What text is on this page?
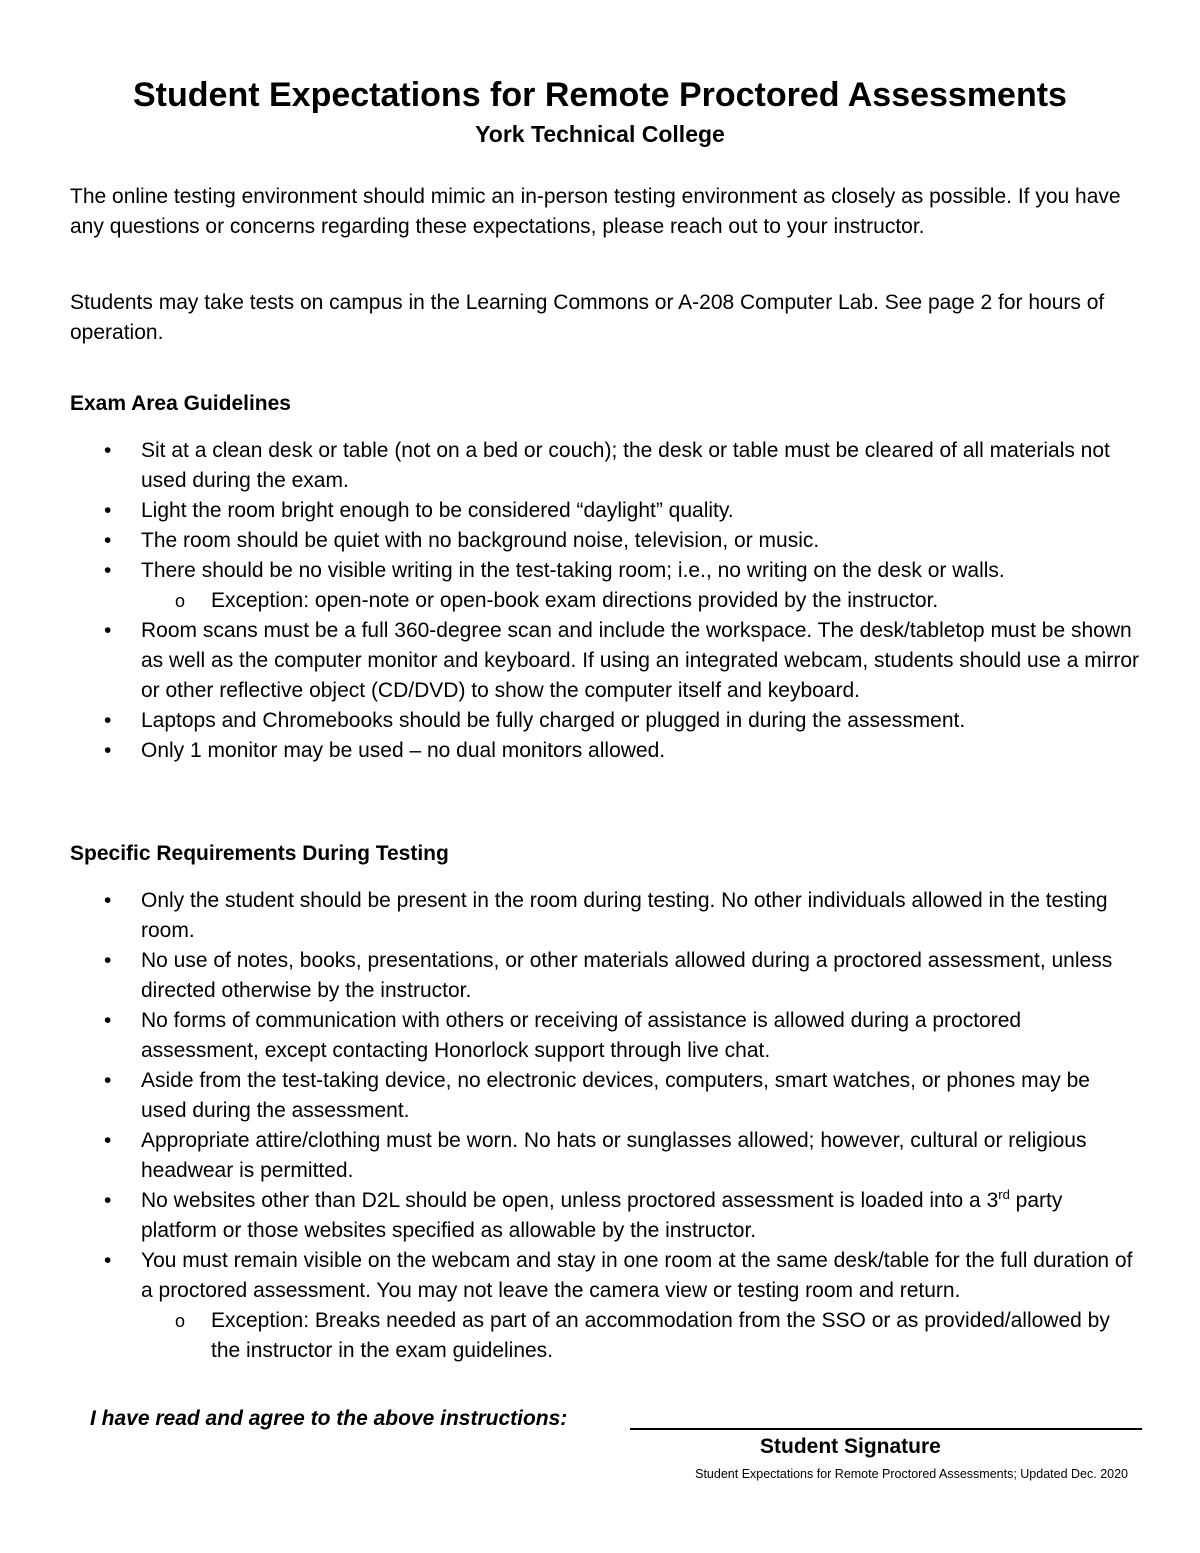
Student Expectations for Remote Proctored Assessments
York Technical College

The online testing environment should mimic an in-person testing environment as closely as possible. If you have any questions or concerns regarding these expectations, please reach out to your instructor.

Students may take tests on campus in the Learning Commons or A-208 Computer Lab. See page 2 for hours of operation.

Exam Area Guidelines
• Sit at a clean desk or table (not on a bed or couch); the desk or table must be cleared of all materials not used during the exam.
• Light the room bright enough to be considered “daylight” quality.
• The room should be quiet with no background noise, television, or music.
• There should be no visible writing in the test-taking room; i.e., no writing on the desk or walls.
o Exception: open-note or open-book exam directions provided by the instructor.
• Room scans must be a full 360-degree scan and include the workspace. The desk/tabletop must be shown as well as the computer monitor and keyboard. If using an integrated webcam, students should use a mirror or other reflective object (CD/DVD) to show the computer itself and keyboard.
• Laptops and Chromebooks should be fully charged or plugged in during the assessment.
• Only 1 monitor may be used – no dual monitors allowed.
Specific Requirements During Testing
• Only the student should be present in the room during testing. No other individuals allowed in the testing room.
• No use of notes, books, presentations, or other materials allowed during a proctored assessment, unless directed otherwise by the instructor.
• No forms of communication with others or receiving of assistance is allowed during a proctored assessment, except contacting Honorlock support through live chat.
• Aside from the test-taking device, no electronic devices, computers, smart watches, or phones may be used during the assessment.
• Appropriate attire/clothing must be worn. No hats or sunglasses allowed; however, cultural or religious headwear is permitted.
• No websites other than D2L should be open, unless proctored assessment is loaded into a 3rd party platform or those websites specified as allowable by the instructor.
• You must remain visible on the webcam and stay in one room at the same desk/table for the full duration of a proctored assessment. You may not leave the camera view or testing room and return.
o Exception: Breaks needed as part of an accommodation from the SSO or as provided/allowed by the instructor in the exam guidelines.
I have read and agree to the above instructions:
Student Signature
Student Expectations for Remote Proctored Assessments; Updated Dec. 2020
